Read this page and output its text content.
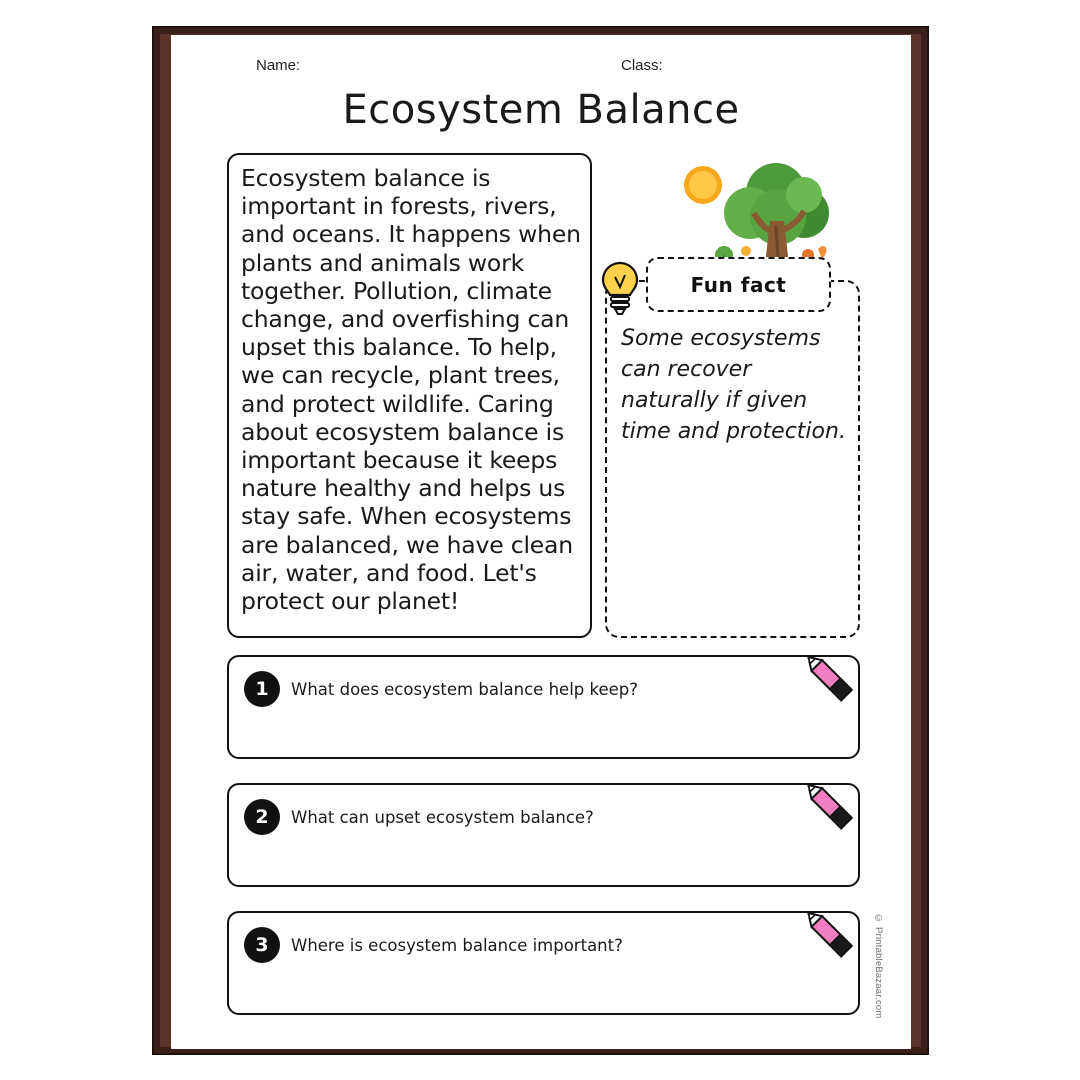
Name:	Class:
Ecosystem Balance
Ecosystem balance is important in forests, rivers, and oceans. It happens when plants and animals work together. Pollution, climate change, and overfishing can upset this balance. To help, we can recycle, plant trees, and protect wildlife. Caring about ecosystem balance is important because it keeps nature healthy and helps us stay safe. When ecosystems are balanced, we have clean air, water, and food. Let's protect our planet!
Fun fact
Some ecosystems can recover naturally if given time and protection.
1	What does ecosystem balance help keep?
2	What can upset ecosystem balance?
3	Where is ecosystem balance important?	© PrintableBazaar.com
